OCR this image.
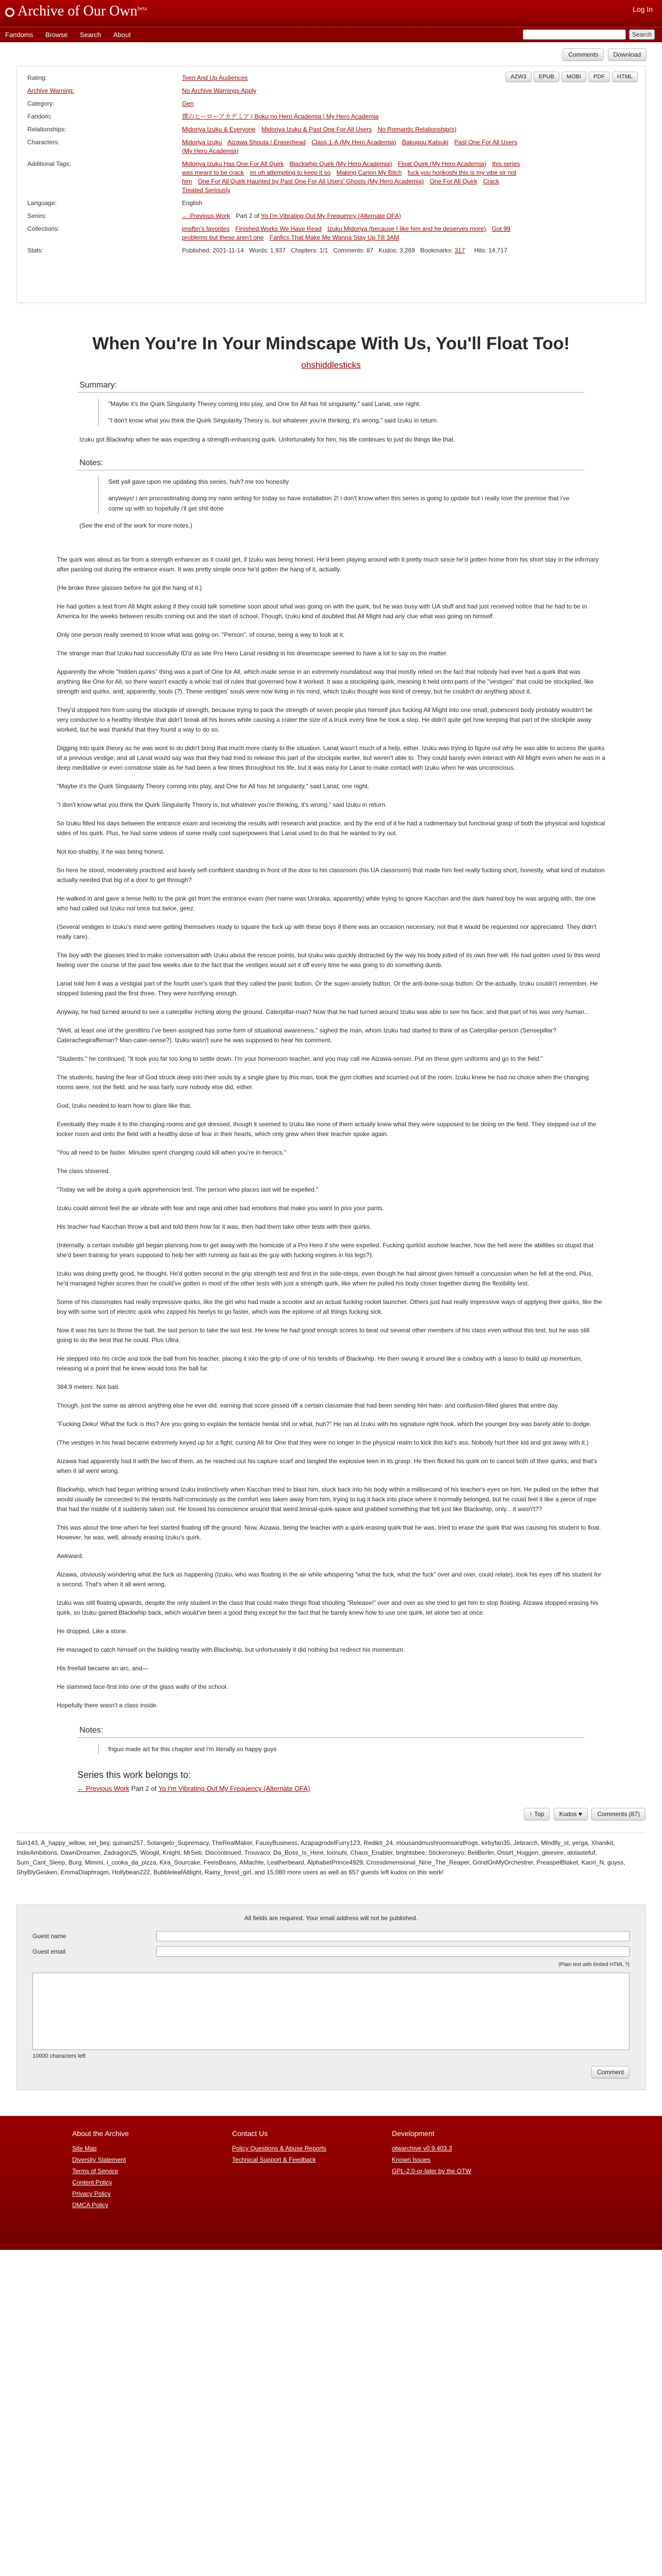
Archive of Our Own$^{beta}$	Log In
Fandoms Browse Search About	Search
Comments Download
AZW3 EPUB MOBI PDF HTML
Rating:	Teen And Up Audiences
Archive Warning:	No Archive Warnings Apply
Category:	Gen
Fandom:	僕のヒーローアカデミア | Boku no Hero Academia | My Hero Academia
Relationships:	Midoriya Izuku & Everyone Midoriya Izuku & Past One For All Users No Romantic Relationship(s)
Characters:	Midoriya Izuku Aizawa Shouta | Eraserhead Class 1-A (My Hero Academia) Bakugou Katsuki Past One For All Users (My Hero Academia)
Additional Tags:	Midoriya Izuku Has One For All Quirk Blackwhip Quirk (My Hero Academia) Float Quirk (My Hero Academia) this series was meant to be crack im oh attempting to keep it so Making Canon My Bitch fuck you horikoshi this is my vibe sir not him One For All Quirk Haunted by Past One For All Users' Ghosts (My Hero Academia) One For All Quirk Crack Treated Seriously
Language:	English
Series:	← Previous Work Part 2 of Yo I'm Vibrating Out My Frequency (Alternate OFA)
Collections:	jmsfbn's favorites Finished Works We Have Read Izuku Midoriya (because I like him and he deserves more) Got 99 problems but these aren't one Fanfics That Make Me Wanna Stay Up Till 3AM
Stats:	Published: 2021-11-14 Words: 1,937 Chapters: 1/1 Comments: 87 Kudos: 3,269 Bookmarks: 317 Hits: 14,717
When You're In Your Mindscape With Us, You'll Float Too!
ohshiddlesticks
Summary:

"Maybe it's the Quirk Singularity Theory coming into play, and One for All has hit singularity," said Lanat, one night.

"I don't know what you think the Quirk Singularity Theory is, but whatever you're thinking, it's wrong," said Izuku in return.

Izuku got Blackwhip when he was expecting a strength-enhancing quirk. Unfortunately for him, his life continues to just do things like that.
Notes:

Sett yall gave upon me updating this series, huh? me too honestly

anyways! i am procrastinating doing my nano writing for today so have installation 2! i don't know when this series is going to update but i really love the premise that i've come up with so hopefully i'll get shit done

(See the end of the work for more notes.)

The quirk was about as far from a strength enhancer as it could get, if Izuku was being honest. He'd been playing around with it pretty much since he'd gotten home from his short stay in the infirmary after passing out during the entrance exam. It was pretty simple once he'd gotten the hang of it, actually.

(He broke three glasses before he got the hang of it.)

He had gotten a text from All Might asking if they could talk sometime soon about what was going on with the quirk, but he was busy with UA stuff and had just received notice that he had to be in America for the weeks between results coming out and the start of school. Though, Izuku kind of doubted that All Might had any clue what was going on himself.

Only one person really seemed to know what was going on. "Person", of course, being a way to look at it.

The strange man that Izuku had successfully ID'd as late Pro Hero Lanat residing in his dreamscape seemed to have a lot to say on the matter.

Apparently the whole "hidden quirks" thing was a part of One for All, which made sense in an extremely roundabout way that mostly relied on the fact that nobody had ever had a quirk that was anything like One for All, so there wasn't exactly a whole trail of rules that governed how it worked. It was a stockpiling quirk, meaning it held onto parts of the "vestiges" that could be stockpiled, like strength and quirks, and, apparently, souls (?). These vestiges' souls were now living in his mind, which Izuku thought was kind of creepy, but he couldn't do anything about it.

They'd stopped him from using the stockpile of strength, because trying to pack the strength of seven people plus himself plus fucking All Might into one small, pubescent body probably wouldn't be very conducive to a healthy lifestyle that didn't break all his bones while causing a crater the size of a truck every time he took a step. He didn't quite get how keeping that part of the stockpile away worked, but he was thankful that they found a way to do so.

Digging into quirk theory as he was wont to do didn't bring that much more clarity to the situation. Lanat wasn't much of a help, either. Izuku was trying to figure out why he was able to access the quirks of a previous vestige, and all Lanat would say was that they had tried to release this part of the stockpile earlier, but weren't able to. They could barely even interact with All Might even when he was in a deep meditative or even comatose state as he had been a few times throughout his life, but it was easy for Lanat to make contact with Izuku when he was unconscious.

"Maybe it's the Quirk Singularity Theory coming into play, and One for All has hit singularity," said Lanat, one night.

"I don't know what you think the Quirk Singularity Theory is, but whatever you're thinking, it's wrong," said Izuku in return.

So Izuku filled his days between the entrance exam and receiving the results with research and practice, and by the end of it he had a rudimentary but functional grasp of both the physical and logistical sides of his quirk. Plus, he had some videos of some really cool superpowers that Lanat used to do that he wanted to try out.

Not too shabby, if he was being honest.

So here he stood, moderately practiced and barely self-confident standing in front of the door to his classroom (his UA classroom) that made him feel really fucking short, honestly, what kind of mutation actually needed that big of a door to get through?

He walked in and gave a tense hello to the pink girl from the entrance exam (her name was Uraraka, apparently) while trying to ignore Kacchan and the dark haired boy he was arguing with, the one who had called out Izuku not once but twice, geez.

(Several vestiges in Izuku's mind were getting themselves ready to square the fuck up with these boys if there was an occasion necessary, not that it would be requested nor appreciated. They didn't really care).

The boy with the glasses tried to make conversation with Izuku about the rescue points, but Izuku was quickly distracted by the way his body jolted of its own free will. He had gotten used to this weird feeling over the course of the past few weeks due to the fact that the vestiges would set it off every time he was going to do something dumb.

Lanat told him it was a vestigial part of the fourth user's quirk that they called the panic button. Or the super-anxiety button. Or the anti-bone-soup button. Or the-actually, Izuku couldn't remember. He stopped listening past the first three. They were horrifying enough.

Anyway, he had turned around to see a caterpillar inching along the ground. Caterpillar-man? Now that he had turned around Izuku was able to see his face, and that part of his was very human...

"Well, at least one of the grenitlins I've been assigned has some form of situational awareness," sighed the man, whom Izuku had started to think of as Caterpillar-person (Sensepillar? Caterachegiraffeman? Man-cater-sense?). Izuku wasn't sure he was supposed to hear his comment.

"Students," he continued, "It took you far too long to settle down. I'm your homeroom teacher, and you may call me Aizawa-sensei. Put on these gym uniforms and go to the field."

The students, having the fear of God struck deep into their souls by a single glare by this man, took the gym clothes and scurried out of the room. Izuku knew he had no choice when the changing rooms were, not the field, and he was fairly sure nobody else did, either.

God, Izuku needed to learn how to glare like that.

Eventually they made it to the changing rooms and got dressed, though it seemed to Izuku like none of them actually knew what they were supposed to be doing on the field. They stepped out of the locker room and onto the field with a healthy dose of fear in their hearts, which only grew when their teacher spoke again.

"You all need to be faster. Minutes spent changing could kill when you're in heroics."

The class shivered.

"Today we will be doing a quirk apprehension test. The person who places last will be expelled."

Izuku could almost feel the air vibrate with fear and rage and other bad emotions that make you want to piss your pants.

His teacher had Kacchan throw a ball and told them how far it was, then had them take other tests with their quirks.

(Internally, a certain invisible girl began planning how to get away with the homicide of a Pro Hero if she were expelled. Fucking quirkist asshole teacher, how the hell were the abilities so stupid that she'd been training for years supposed to help her with running as fast as the guy with fucking engines in his legs?).

Izuku was doing pretty good, he thought. He'd gotten second in the grip strength test and first in the side-steps, even though he had almost given himself a concussion when he fell at the end. Plus, he'd managed higher scores than he could've gotten in most of the other tests with just a strength quirk, like when he pulled his body closer together during the flexibility test.

Some of his classmates had really impressive quirks, like the girl who had made a scooter and an actual fucking rocket launcher. Others just had really impressive ways of applying their quirks, like the boy with some sort of electric quirk who zapped his heelys to go faster, which was the epitome of all things fucking sick.

Now it was his turn to throw the ball, the last person to take the last test. He knew he had good enough scores to beat out several other members of his class even without this test, but he was still going to do the best that he could. Plus Ultra.

He stepped into his circle and took the ball from his teacher, placing it into the grip of one of his tendrils of Blackwhip. He then swung it around like a cowboy with a lasso to build up momentum, releasing at a point that he knew would toss the ball far.

384.9 meters. Not bad.

Though, just the same as almost anything else he ever did, earning that score pissed off a certain classmate that had been sending him hate- and confusion-filled glares that entire day.

"Fucking Deku! What the fuck is this? Are you going to explain the tentacle hentai shit or what, huh?" He ran at Izuku with his signature right hook, which the younger boy was barely able to dodge.

(The vestiges in his head became extremely keyed up for a fight, cursing All for One that they were no longer in the physical realm to kick this kid's ass. Nobody hurt their kid and got away with it.)

Aizawa had apparently had it with the two of them, as he reached out his capture scarf and tangled the explosive teen in its grasp. He then flicked his quirk on to cancel both of their quirks, and that's when it all went wrong.

Blackwhip, which had begun writhing around Izuku instinctively when Kacchan tried to blast him, stuck back into his body within a millisecond of his teacher's eyes on him. He pulled on the tether that would usually be connected to the tendrils half-consciously as the comfort was taken away from him, trying to tug it back into place where it normally belonged, but he could feel it like a piece of rope that had the middle of it suddenly taken out. He tossed his conscience around that weird liminal-quirk-space and grabbed something that felt just like Blackwhip, only... it wasn't??

This was about the time when he feel started floating off the ground. Now, Aizawa, being the teacher with a quirk-erasing quirk that he was, tried to erase the quirk that was causing his student to float. However, he was, well, already erasing Izuku's quirk.

Awkward.

Aizawa, obviously wondering what the fuck as happening (Izuku, who was floating in the air while whispering "what the fuck, what the fuck" over and over, could relate), took his eyes off his student for a second. That's when it all went wrong.

Izuku was still floating upwards, despite the only student in the class that could make things float shouting "Release!" over and over as she tried to get him to stop floating. Aizawa stopped erasing his quirk, so Izuku gained Blackwhip back, which would've been a good thing except for the fact that he barely knew how to use one quirk, let alone two at once.

He dropped. Like a stone.

He managed to catch himself on the building nearby with Blackwhip, but unfortunately it did nothing but redirect his momentum.

His freefall became an arc, and—

He slammed face-first into one of the glass walls of the school.

Hopefully there wasn't a class inside.

Notes:

friguo made art for this chapter and i'm literally so happy guys

Series this work belongs to:
← Previous Work Part 2 of Yo I'm Vibrating Out My Frequency (Alternate OFA)
↑ Top Kudos ♥ Comments (87)
Sun143, A_happy_willow, xel_bey, quinam257, Solangelo_Supremacy, TheRealMaker, FauxyBusiness, AzapagrodelFurry123, Redikit_24, mousandmushroomsandfrogs, kirbyfan35, Jebrarch, Mindfly_st, yerga, Xhanikit, IndieAmbitions, DawnDreamer, Zadragon25, Woogil, Knight, MrSeb, Discontinued, Trouvaco, Da_Boss_Is_Here, lonnuhi, Chaos_Enabler, brightsbee, Stickeroneyo, BeliBerlin, Ossirt_Huggen, gleevee, alolastefuf, Sum_Cant_Sleep, Burg, Mimmi, i_cooka_da_pizza, Kira_Sourcake, FeelsBeans, AMachte, Leatherbeard, AlphabetPrince4929, Crossdimensional_Nine_The_Reaper, GrindOnMyOrchestrer, PreaspelBlaket, Kaori_N, guyss, ShyBlyGesken, EmmaDiaphragm, Hollybean222, BubbleleafAltlight, Rainy_forest_girl, and 15,080 more users as well as 657 guests left kudos on this work!
All fields are required. Your email address will not be published.
Guest name
Guest email
(Plain text with limited HTML ?)
10000 characters left
Comment
About the Archive
Site Map
Diversity Statement
Terms of Service
Content Policy
Privacy Policy
DMCA Policy
Contact Us
Policy Questions & Abuse Reports
Technical Support & Feedback
Development
otwarchive v0.9.403.3
Known Issues
GPL-2.0-or-later by the OTW
